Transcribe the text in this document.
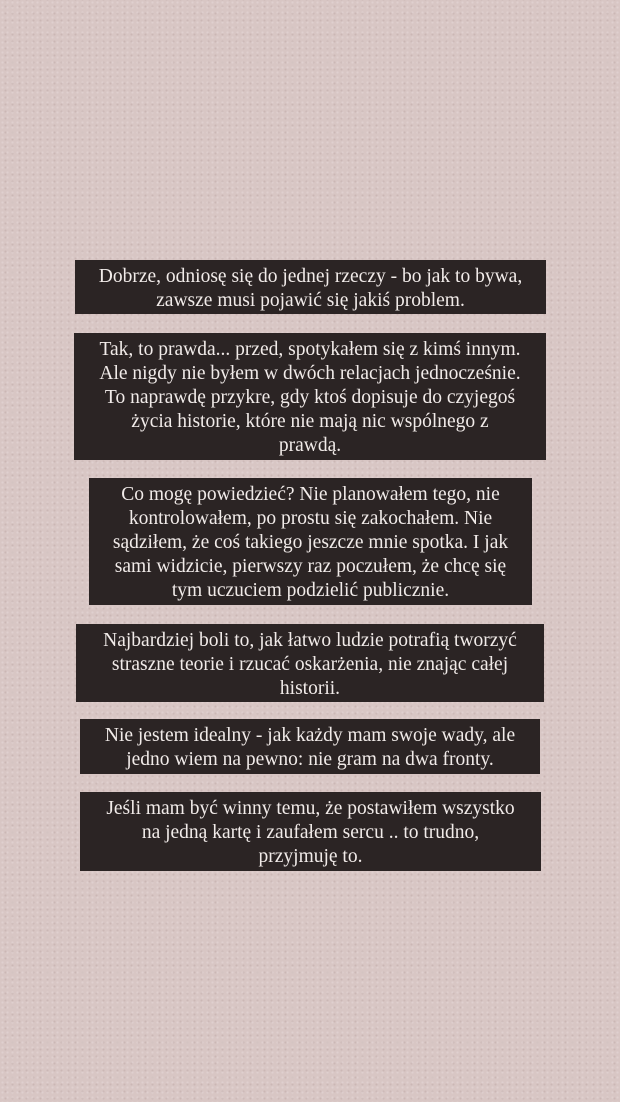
Dobrze, odniosę się do jednej rzeczy - bo jak to bywa,
zawsze musi pojawić się jakiś problem.
Tak, to prawda... przed, spotykałem się z kimś innym.
Ale nigdy nie byłem w dwóch relacjach jednocześnie.
To naprawdę przykre, gdy ktoś dopisuje do czyjegoś
życia historie, które nie mają nic wspólnego z
prawdą.
Co mogę powiedzieć? Nie planowałem tego, nie
kontrolowałem, po prostu się zakochałem. Nie
sądziłem, że coś takiego jeszcze mnie spotka. I jak
sami widzicie, pierwszy raz poczułem, że chcę się
tym uczuciem podzielić publicznie.
Najbardziej boli to, jak łatwo ludzie potrafią tworzyć
straszne teorie i rzucać oskarżenia, nie znając całej
historii.
Nie jestem idealny - jak każdy mam swoje wady, ale
jedno wiem na pewno: nie gram na dwa fronty.
Jeśli mam być winny temu, że postawiłem wszystko
na jedną kartę i zaufałem sercu .. to trudno,
przyjmuję to.
